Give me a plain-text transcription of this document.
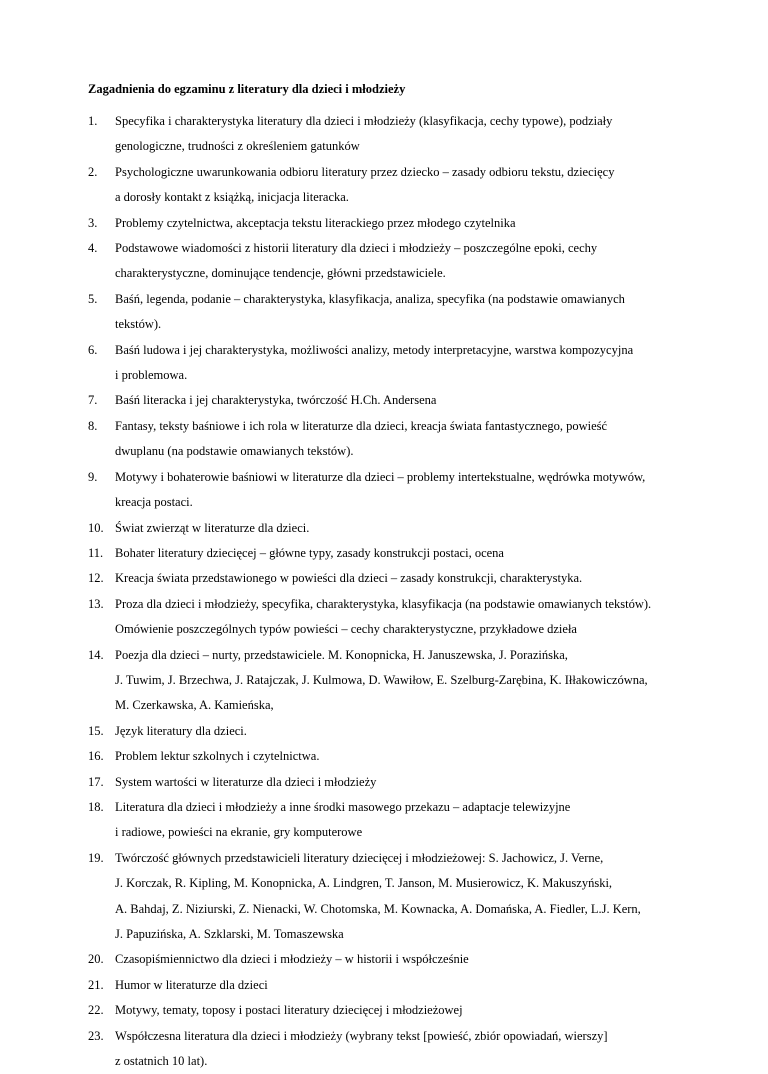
Zagadnienia do egzaminu z literatury dla dzieci i młodzieży
1. Specyfika i charakterystyka literatury dla dzieci i młodzieży (klasyfikacja, cechy typowe), podziały
genologiczne, trudności z określeniem gatunków
2. Psychologiczne uwarunkowania odbioru literatury przez dziecko – zasady odbioru tekstu, dziecięcy
a dorosły kontakt z książką, inicjacja literacka.
3. Problemy czytelnictwa, akceptacja tekstu literackiego przez młodego czytelnika
4. Podstawowe wiadomości z historii literatury dla dzieci i młodzieży – poszczególne epoki, cechy
charakterystyczne, dominujące tendencje, główni przedstawiciele.
5. Baśń, legenda, podanie – charakterystyka, klasyfikacja, analiza, specyfika (na podstawie omawianych
tekstów).
6. Baśń ludowa i jej charakterystyka, możliwości analizy, metody interpretacyjne, warstwa kompozycyjna
i problemowa.
7. Baśń literacka i jej charakterystyka, twórczość H.Ch. Andersena
8. Fantasy, teksty baśniowe i ich rola w literaturze dla dzieci, kreacja świata fantastycznego, powieść
dwuplanu (na podstawie omawianych tekstów).
9. Motywy i bohaterowie baśniowi w literaturze dla dzieci – problemy intertekstualne, wędrówka motywów,
kreacja postaci.
10. Świat zwierząt w literaturze dla dzieci.
11. Bohater literatury dziecięcej – główne typy, zasady konstrukcji postaci, ocena
12. Kreacja świata przedstawionego w powieści dla dzieci – zasady konstrukcji, charakterystyka.
13. Proza dla dzieci i młodzieży, specyfika, charakterystyka, klasyfikacja (na podstawie omawianych tekstów).
Omówienie poszczególnych typów powieści – cechy charakterystyczne, przykładowe dzieła
14. Poezja dla dzieci – nurty, przedstawiciele. M. Konopnicka, H. Januszewska, J. Porazińska,
J. Tuwim, J. Brzechwa, J. Ratajczak, J. Kulmowa, D. Wawiłow, E. Szelburg-Zarębina, K. Iłłakowiczówna,
M. Czerkawska, A. Kamieńska,
15. Język literatury dla dzieci.
16. Problem lektur szkolnych i czytelnictwa.
17. System wartości w literaturze dla dzieci i młodzieży
18. Literatura dla dzieci i młodzieży a inne środki masowego przekazu – adaptacje telewizyjne
i radiowe, powieści na ekranie, gry komputerowe
19. Twórczość głównych przedstawicieli literatury dziecięcej i młodzieżowej: S. Jachowicz, J. Verne,
J. Korczak, R. Kipling, M. Konopnicka, A. Lindgren, T. Janson, M. Musierowicz, K. Makuszyński,
A. Bahdaj, Z. Niziurski, Z. Nienacki, W. Chotomska, M. Kownacka, A. Domańska, A. Fiedler, L.J. Kern,
J. Papuzińska, A. Szklarski, M. Tomaszewska
20. Czasopiśmiennictwo dla dzieci i młodzieży – w historii i współcześnie
21. Humor w literaturze dla dzieci
22. Motywy, tematy, toposy i postaci literatury dziecięcej i młodzieżowej
23. Współczesna literatura dla dzieci i młodzieży (wybrany tekst [powieść, zbiór opowiadań, wierszy]
z ostatnich 10 lat).
